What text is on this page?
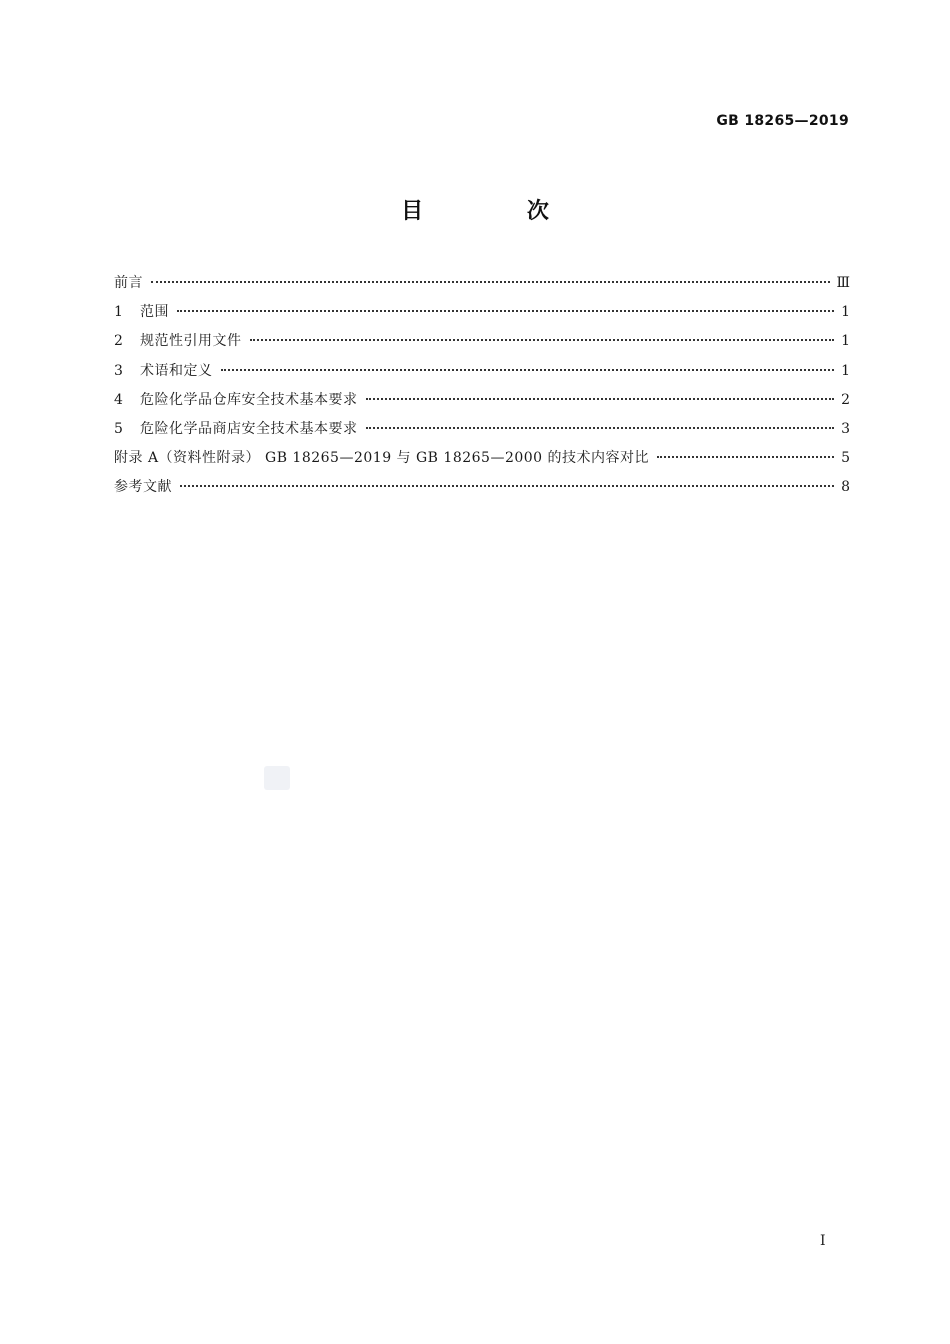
GB 18265—2019
目 次
前言	Ⅲ
1	范围	1
2	规范性引用文件	1
3	术语和定义	1
4	危险化学品仓库安全技术基本要求	2
5	危险化学品商店安全技术基本要求	3
附录 A（资料性附录） GB 18265—2019 与 GB 18265—2000 的技术内容对比	5
参考文献	8
I
